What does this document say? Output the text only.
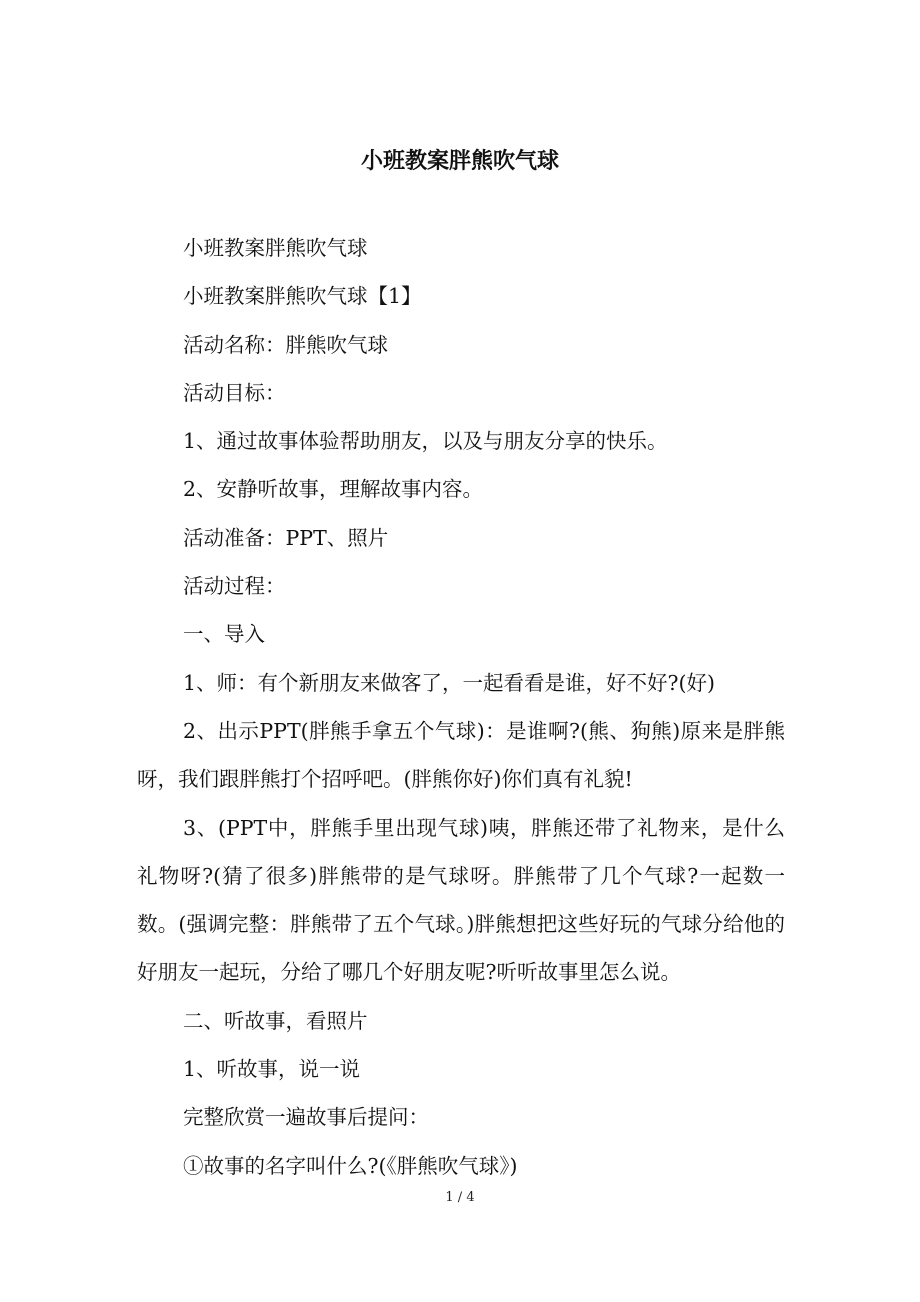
小班教案胖熊吹气球

小班教案胖熊吹气球

小班教案胖熊吹气球【1】

活动名称：胖熊吹气球

活动目标：

1、通过故事体验帮助朋友，以及与朋友分享的快乐。

2、安静听故事，理解故事内容。

活动准备：PPT、照片

活动过程：

一、导入

1、师：有个新朋友来做客了，一起看看是谁，好不好?(好)

2、出示PPT(胖熊手拿五个气球)：是谁啊?(熊、狗熊)原来是胖熊呀，我们跟胖熊打个招呼吧。(胖熊你好)你们真有礼貌!

3、(PPT中，胖熊手里出现气球)咦，胖熊还带了礼物来，是什么礼物呀?(猜了很多)胖熊带的是气球呀。胖熊带了几个气球?一起数一数。(强调完整：胖熊带了五个气球。)胖熊想把这些好玩的气球分给他的好朋友一起玩，分给了哪几个好朋友呢?听听故事里怎么说。

二、听故事，看照片

1、听故事，说一说

完整欣赏一遍故事后提问：

①故事的名字叫什么?(《胖熊吹气球》)

1 / 4
